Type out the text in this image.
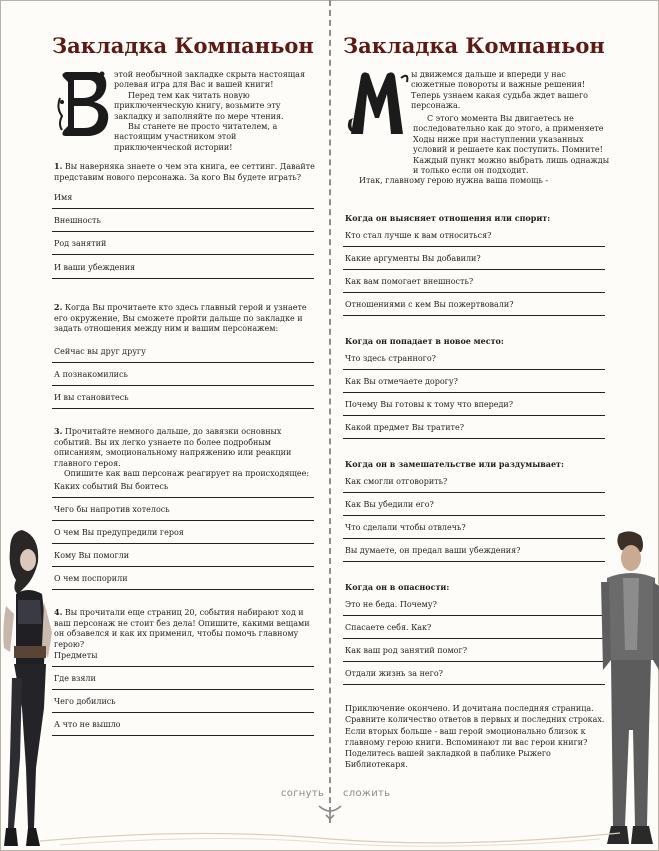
Закладка Компаньон

этой необычной закладке скрыта настоящая ролевая игра для Вас и вашей книги!

Перед тем как читать новую приключенческую книгу, возьмите эту закладку и заполняйте по мере чтения.

Вы станете не просто читателем, а настоящим участником этой приключенческой истории!

1. Вы наверняка знаете о чем эта книга, ее сеттинг. Давайте представим нового персонажа. За кого Вы будете играть?
Имя
Внешность
Род занятий
И ваши убеждения
2. Когда Вы прочитаете кто здесь главный герой и узнаете его окружение, Вы сможете пройти дальше по закладке и задать отношения между ним и вашим персонажем:
Сейчас вы друг другу
А познакомились
И вы становитесь
3. Прочитайте немного дальше, до завязки основных событий. Вы их легко узнаете по более подробным описаниям, эмоциональному напряжению или реакции главного героя.
Опишите как ваш персонаж реагирует на происходящее:
Каких событий Вы боитесь
Чего бы напротив хотелось
О чем Вы предупредили героя
Кому Вы помогли
О чем поспорили
4. Вы прочитали еще страниц 20, события набирают ход и ваш персонаж не стоит без дела! Опишите, какими вещами он обзавелся и как их применил, чтобы помочь главному герою?
Предметы
Где взяли
Чего добились
А что не вышло
Закладка Компаньон

ы движемся дальше и впереди у нас сюжетные повороты и важные решения! Теперь узнаем какая судьба ждет вашего персонажа.

С этого момента Вы двигаетесь не последовательно как до этого, а применяете Ходы ниже при наступлении указанных условий и решаете как поступить. Помните! Каждый пункт можно выбрать лишь однажды и только если он подходит.

Итак, главному герою нужна ваша помощь -

Когда он выясняет отношения или спорит:
Кто стал лучше к вам относиться?
Какие аргументы Вы добавили?
Как вам помогает внешность?
Отношениями с кем Вы пожертвовали?
Когда он попадает в новое место:
Что здесь странного?
Как Вы отмечаете дорогу?
Почему Вы готовы к тому что впереди?
Какой предмет Вы тратите?
Когда он в замешательстве или раздумывает:
Как смогли отговорить?
Как Вы убедили его?
Что сделали чтобы отвлечь?
Вы думаете, он предал ваши убеждения?
Когда он в опасности:
Это не беда. Почему?
Спасаете себя. Как?
Как ваш род занятий помог?
Отдали жизнь за него?
Приключение окончено. И дочитана последняя страница. Сравните количество ответов в первых и последних строках. Если вторых больше - ваш герой эмоционально близок к главному герою книги. Вспоминают ли вас герои книги? Поделитесь вашей закладкой в паблике Рыжего Библиотекаря.
согнуть сложить
